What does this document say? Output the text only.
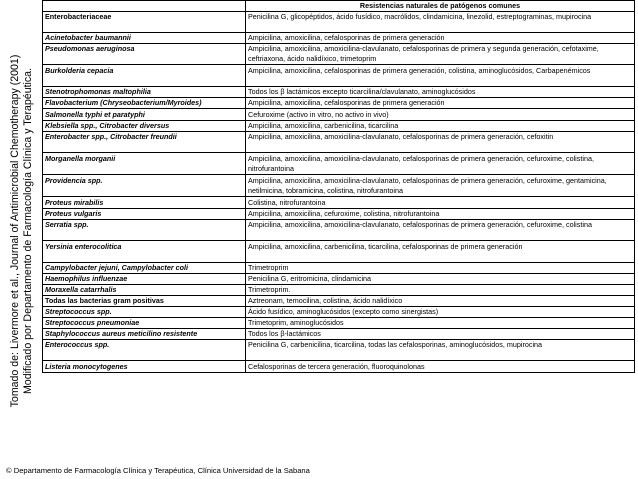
Tomado de: Livermore et al., Journal of Antimicrobial Chemotherapy (2001) Modificado por Departamento de Farmacología Clínica y Terapéutica.
	Resistencias naturales de patógenos comunes
Enterobacteriaceae	Penicilina G, glicopéptidos, ácido fusídico, macrólidos, clindamicina, linezolid, estreptograminas, mupirocina
Acinetobacter baumannii	Ampicilina, amoxicilina, cefalosporinas de primera generación
Pseudomonas aeruginosa	Ampicilina, amoxicilina, amoxicilina-clavulanato, cefalosporinas de primera y segunda generación, cefotaxime, ceftriaxona, ácido nalidíxico, trimetoprim
Burkolderia cepacia	Ampicilina, amoxicilina, cefalosporinas de primera generación, colistina, aminoglucósidos, Carbapenémicos
Stenotrophomonas maltophilia	Todos los β lactámicos excepto ticarcilina/clavulanato, aminoglucósidos
Flavobacterium (Chryseobacterium/Myroides)	Ampicilina, amoxicilina, cefalosporinas de primera generación
Salmonella typhi et paratyphi	Cefuroxime (activo in vitro, no activo in vivo)
Klebsiella spp., Citrobacter diversus	Ampicilina, amoxicilina, carbenicilina, ticarcilina
Enterobacter spp., Citrobacter freundii	Ampicilina, amoxicilina, amoxicilina-clavulanato, cefalosporinas de primera generación, cefoxitin
Morganella morganii	Ampicilina, amoxicilina, amoxicilina-clavulanato, cefalosporinas de primera generación, cefuroxime, colistina, nitrofurantoina
Providencia spp.	Ampicilina, amoxicilina, amoxicilina-clavulanato, cefalosporinas de primera generación, cefuroxime, gentamicina, netilmicina, tobramicina, colistina, nitrofurantoina
Proteus mirabilis	Colistina, nitrofurantoina
Proteus vulgaris	Ampicilina, amoxicilina, cefuroxime, colistina, nitrofurantoina
Serratia spp.	Ampicilina, amoxicilina, amoxicilina-clavulanato, cefalosporinas de primera generación, cefuroxime, colistina
Yersinia enterocolitica	Ampicilina, amoxicilina, carbenicilina, ticarcilina, cefalosporinas de primera generación
Campylobacter jejuni, Campylobacter coli	Trimetroprim
Haemophilus influenzae	Penicilina G, eritromicina, clindamicina
Moraxella catarrhalis	Trimetroprim.
Todas las bacterias gram positivas	Aztreonam, temocilina, colistina, ácido nalidíxico
Streptococcus spp.	Ácido fusídico, aminoglucósidos (excepto como sinergistas)
Streptococcus pneumoniae	Trimetoprim, aminoglucósidos
Staphylococcus aureus meticilino resistente	Todos los β-lactámicos
Enterococcus spp.	Penicilina G, carbenicilina, ticarcilina, todas las cefalosporinas, aminoglucósidos, mupirocina
Listeria monocytogenes	Cefalosporinas de tercera generación, fluoroquinolonas
© Departamento de Farmacología Clínica y Terapéutica, Clínica Universidad de la Sabana
